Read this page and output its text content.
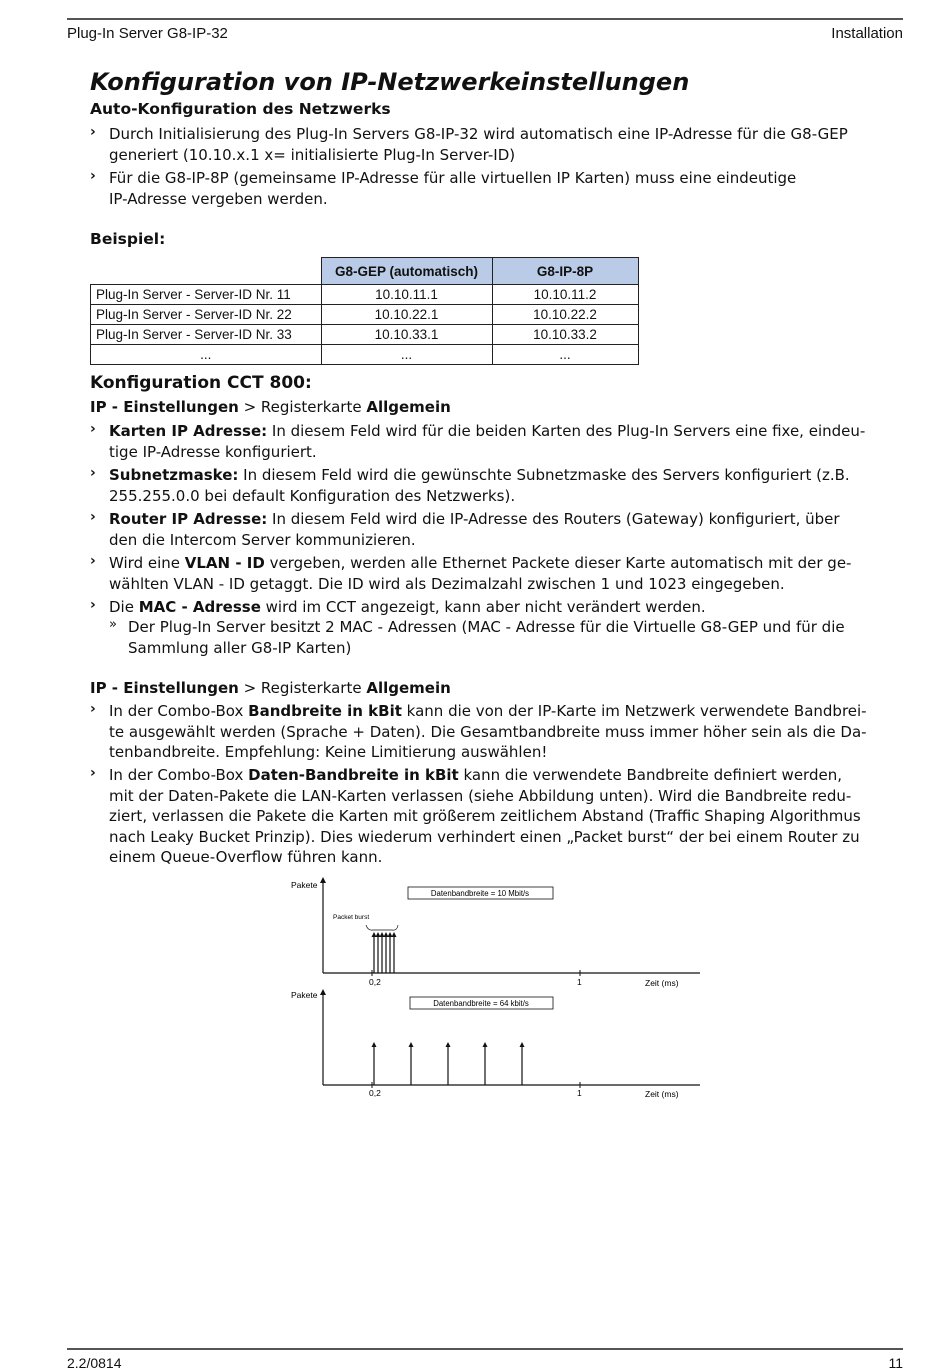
Plug-In Server G8-IP-32	Installation
Konfiguration von IP-Netzwerkeinstellungen
Auto-Konfiguration des Netzwerks
› Durch Initialisierung des Plug-In Servers G8-IP-32 wird automatisch eine IP-Adresse für die G8-GEP
generiert (10.10.x.1 x= initialisierte Plug-In Server-ID)
› Für die G8-IP-8P (gemeinsame IP-Adresse für alle virtuellen IP Karten) muss eine eindeutige
IP-Adresse vergeben werden.
Beispiel:
	G8-GEP (automatisch)	G8-IP-8P
Plug-In Server - Server-ID Nr. 11	10.10.11.1	10.10.11.2
Plug-In Server - Server-ID Nr. 22	10.10.22.1	10.10.22.2
Plug-In Server - Server-ID Nr. 33	10.10.33.1	10.10.33.2
...	...	...
Konfiguration CCT 800:
IP - Einstellungen > Registerkarte Allgemein
› Karten IP Adresse: In diesem Feld wird für die beiden Karten des Plug-In Servers eine fixe, eindeu-
tige IP-Adresse konfiguriert.
› Subnetzmaske: In diesem Feld wird die gewünschte Subnetzmaske des Servers konfiguriert (z.B.
255.255.0.0 bei default Konfiguration des Netzwerks).
› Router IP Adresse: In diesem Feld wird die IP-Adresse des Routers (Gateway) konfiguriert, über
den die Intercom Server kommunizieren.
› Wird eine VLAN - ID vergeben, werden alle Ethernet Packete dieser Karte automatisch mit der ge-
wählten VLAN - ID getaggt. Die ID wird als Dezimalzahl zwischen 1 und 1023 eingegeben.
› Die MAC - Adresse wird im CCT angezeigt, kann aber nicht verändert werden.
» Der Plug-In Server besitzt 2 MAC - Adressen (MAC - Adresse für die Virtuelle G8-GEP und für die
Sammlung aller G8-IP Karten)
IP - Einstellungen > Registerkarte Allgemein
› In der Combo-Box Bandbreite in kBit kann die von der IP-Karte im Netzwerk verwendete Bandbrei-
te ausgewählt werden (Sprache + Daten). Die Gesamtbandbreite muss immer höher sein als die Da-
tenbandbreite. Empfehlung: Keine Limitierung auswählen!
› In der Combo-Box Daten-Bandbreite in kBit kann die verwendete Bandbreite definiert werden,
mit der Daten-Pakete die LAN-Karten verlassen (siehe Abbildung unten). Wird die Bandbreite redu-
ziert, verlassen die Pakete die Karten mit größerem zeitlichem Abstand (Traffic Shaping Algorithmus
nach Leaky Bucket Prinzip). Dies wiederum verhindert einen „Packet burst“ der bei einem Router zu
einem Queue-Overflow führen kann.
Pakete
0,2	1	Zeit (ms)
Datenbandbreite = 10 Mbit/s
Packet burst
Pakete
0,2	1	Zeit (ms)
Datenbandbreite = 64 kbit/s
2.2/0814	11
